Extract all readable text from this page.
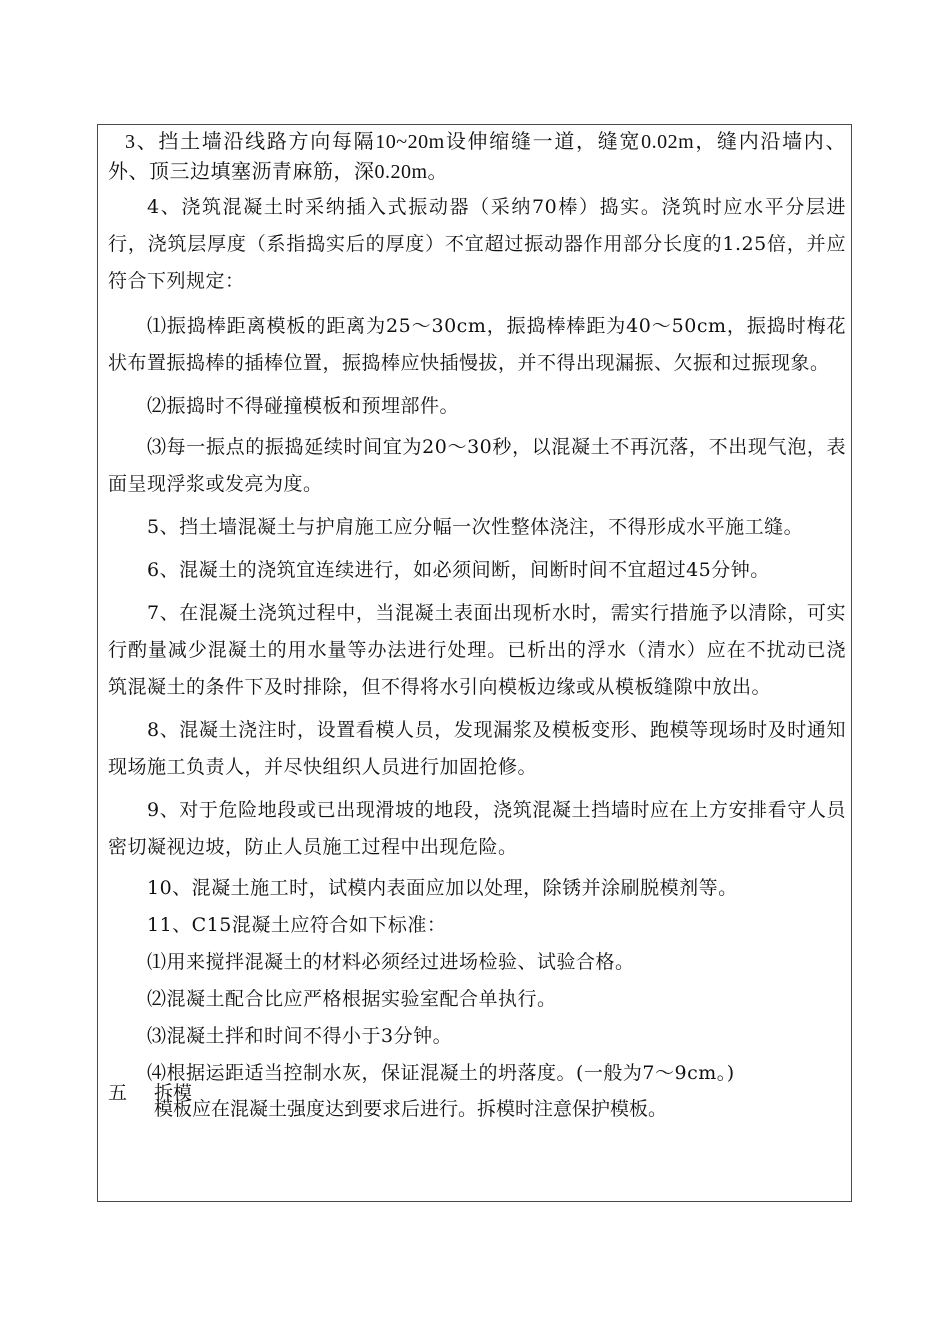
3、挡土墙沿线路方向每隔10~20m设伸缩缝一道，缝宽0.02m，缝内沿墙内、外、顶三边填塞沥青麻筋，深0.20m。

4、浇筑混凝土时采纳插入式振动器（采纳70棒）捣实。浇筑时应水平分层进行，浇筑层厚度（系指捣实后的厚度）不宜超过振动器作用部分长度的1.25倍，并应符合下列规定：

⑴振捣棒距离模板的距离为25～30cm，振捣棒棒距为40～50cm，振捣时梅花状布置振捣棒的插棒位置，振捣棒应快插慢拔，并不得出现漏振、欠振和过振现象。

⑵振捣时不得碰撞模板和预埋部件。

⑶每一振点的振捣延续时间宜为20～30秒，以混凝土不再沉落，不出现气泡，表面呈现浮浆或发亮为度。

5、挡土墙混凝土与护肩施工应分幅一次性整体浇注，不得形成水平施工缝。

6、混凝土的浇筑宜连续进行，如必须间断，间断时间不宜超过45分钟。

7、在混凝土浇筑过程中，当混凝土表面出现析水时，需实行措施予以清除，可实行酌量减少混凝土的用水量等办法进行处理。已析出的浮水（清水）应在不扰动已浇筑混凝土的条件下及时排除，但不得将水引向模板边缘或从模板缝隙中放出。

8、混凝土浇注时，设置看模人员，发现漏浆及模板变形、跑模等现场时及时通知现场施工负责人，并尽快组织人员进行加固抢修。

9、对于危险地段或已出现滑坡的地段，浇筑混凝土挡墙时应在上方安排看守人员密切凝视边坡，防止人员施工过程中出现危险。

10、混凝土施工时，试模内表面应加以处理，除锈并涂刷脱模剂等。

11、C15混凝土应符合如下标准：

⑴用来搅拌混凝土的材料必须经过进场检验、试验合格。

⑵混凝土配合比应严格根据实验室配合单执行。

⑶混凝土拌和时间不得小于3分钟。

⑷根据运距适当控制水灰，保证混凝土的坍落度。(一般为7～9cm。)

五 拆模
模板应在混凝土强度达到要求后进行。拆模时注意保护模板。
